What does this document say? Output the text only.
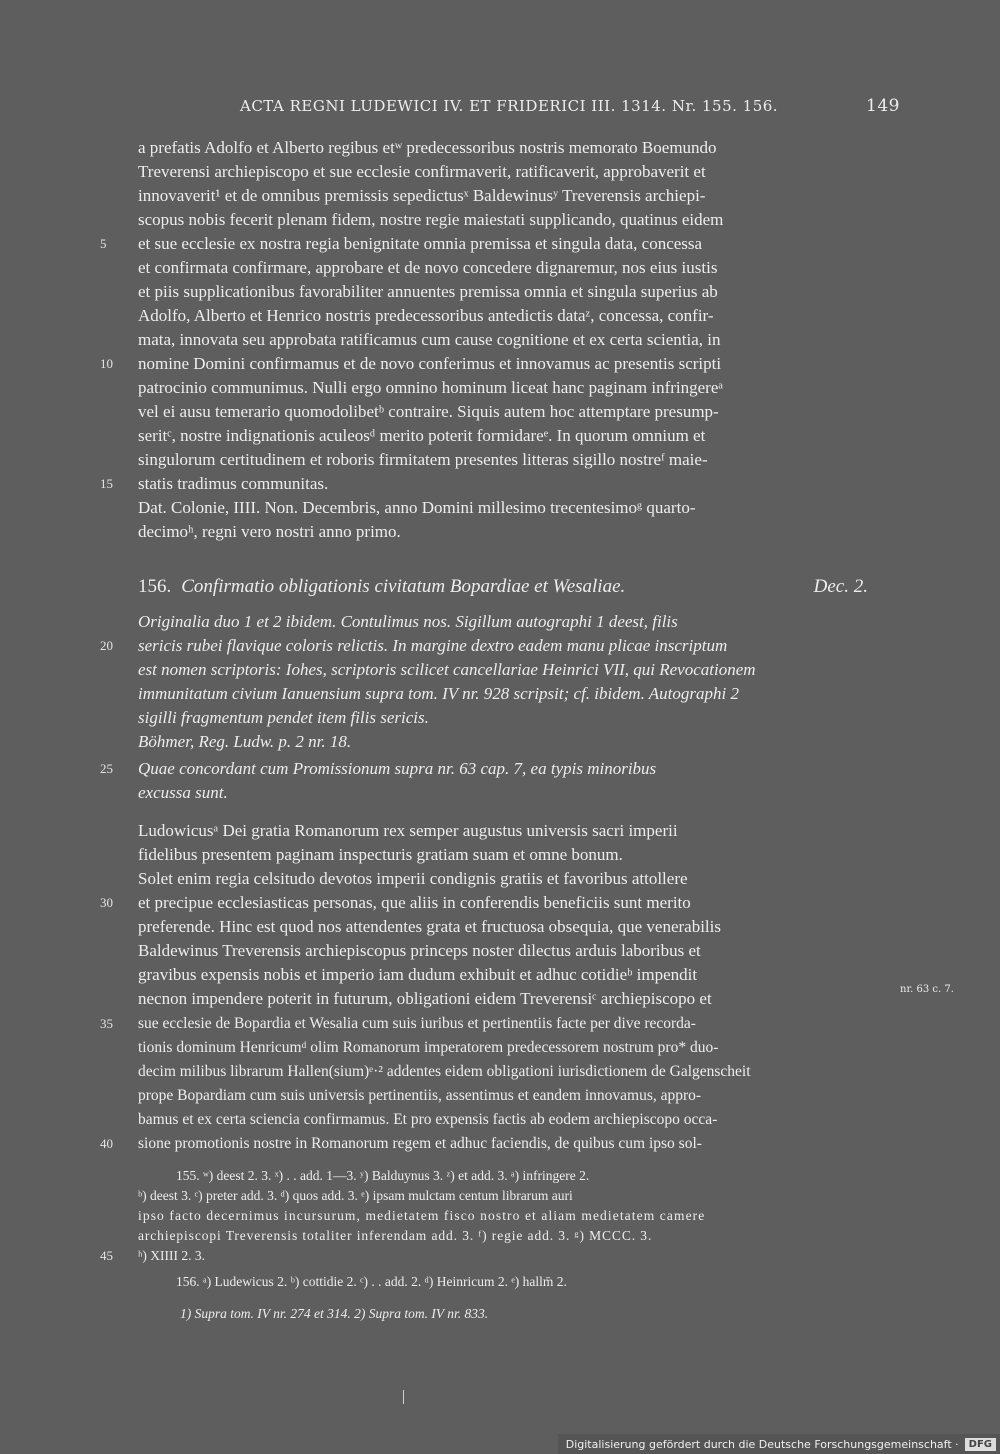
ACTA REGNI LUDEWICI IV. ET FRIDERICI III. 1314. Nr. 155. 156.	149
a prefatis Adolfo et Alberto regibus etʷ predecessoribus nostris memorato Boemundo
Treverensi archiepiscopo et sue ecclesie confirmaverit, ratificaverit, approbaverit et
innovaverit¹ et de omnibus premissis sepedictusˣ Baldewinusʸ Treverensis archiepi-
scopus nobis fecerit plenam fidem, nostre regie maiestati supplicando, quatinus eidem
et sue ecclesie ex nostra regia benignitate omnia premissa et singula data, concessa
et confirmata confirmare, approbare et de novo concedere dignaremur, nos eius iustis
et piis supplicationibus favorabiliter annuentes premissa omnia et singula superius ab
Adolfo, Alberto et Henrico nostris predecessoribus antedictis dataᶻ, concessa, confir-
mata, innovata seu approbata ratificamus cum cause cognitione et ex certa scientia, in
nomine Domini confirmamus et de novo conferimus et innovamus ac presentis scripti
patrocinio communimus. Nulli ergo omnino hominum liceat hanc paginam infringereᵃ
vel ei ausu temerario quomodolibetᵇ contraire. Siquis autem hoc attemptare presump-
seritᶜ, nostre indignationis aculeosᵈ merito poterit formidareᵉ. In quorum omnium et
singulorum certitudinem et roboris firmitatem presentes litteras sigillo nostreᶠ maie-
statis tradimus communitas.
Dat. Colonie, IIII. Non. Decembris, anno Domini millesimo trecentesimoᵍ quarto-
decimoʰ, regni vero nostri anno primo.
156. Confirmatio obligationis civitatum Bopardiae et Wesaliae.	Dec. 2.
Originalia duo 1 et 2 ibidem. Contulimus nos. Sigillum autographi 1 deest, filis
sericis rubei flavique coloris relictis. In margine dextro eadem manu plicae inscriptum
est nomen scriptoris: Iohes, scriptoris scilicet cancellariae Heinrici VII, qui Revocationem
immunitatum civium Ianuensium supra tom. IV nr. 928 scripsit; cf. ibidem. Autographi 2
sigilli fragmentum pendet item filis sericis.
Böhmer, Reg. Ludw. p. 2 nr. 18.
Quae concordant cum Promissionum supra nr. 63 cap. 7, ea typis minoribus
excussa sunt.
Ludowicusᵃ Dei gratia Romanorum rex semper augustus universis sacri imperii
fidelibus presentem paginam inspecturis gratiam suam et omne bonum.
Solet enim regia celsitudo devotos imperii condignis gratiis et favoribus attollere
et precipue ecclesiasticas personas, que aliis in conferendis beneficiis sunt merito
preferende. Hinc est quod nos attendentes grata et fructuosa obsequia, que venerabilis
Baldewinus Treverensis archiepiscopus princeps noster dilectus arduis laboribus et
gravibus expensis nobis et imperio iam dudum exhibuit et adhuc cotidieᵇ impendit
necnon impendere poterit in futurum, obligationi eidem Treverensiᶜ archiepiscopo et	nr. 63 c. 7.
sue ecclesie de Bopardia et Wesalia cum suis iuribus et pertinentiis facte per dive recorda-
tionis dominum Henricumᵈ olim Romanorum imperatorem predecessorem nostrum pro* duo-
decim milibus librarum Hallen(sium)ᵉ·² addentes eidem obligationi iurisdictionem de Galgenscheit
prope Bopardiam cum suis universis pertinentiis, assentimus et eandem innovamus, appro-
bamus et ex certa sciencia confirmamus. Et pro expensis factis ab eodem archiepiscopo occa-
sione promotionis nostre in Romanorum regem et adhuc faciendis, de quibus cum ipso sol-
5
10
15
20
25
30
35
40
45
155. ʷ) deest 2. 3. ˣ) . . add. 1—3. ʸ) Balduynus 3. ᶻ) et add. 3. ᵃ) infringere 2.
ᵇ) deest 3. ᶜ) preter add. 3. ᵈ) quos add. 3. ᵉ) ipsam mulctam centum librarum auri
ipso facto decernimus incursurum, medietatem fisco nostro et aliam medietatem camere
archiepiscopi Treverensis totaliter inferendam add. 3. ᶠ) regie add. 3. ᵍ) MCCC. 3.
ʰ) XIIII 2. 3.
156. ᵃ) Ludewicus 2. ᵇ) cottidie 2. ᶜ) . . add. 2. ᵈ) Heinricum 2. ᵉ) hallm̄ 2.
1) Supra tom. IV nr. 274 et 314. 2) Supra tom. IV nr. 833.
Digitalisierung gefördert durch die Deutsche Forschungsgemeinschaft ·	DFG
